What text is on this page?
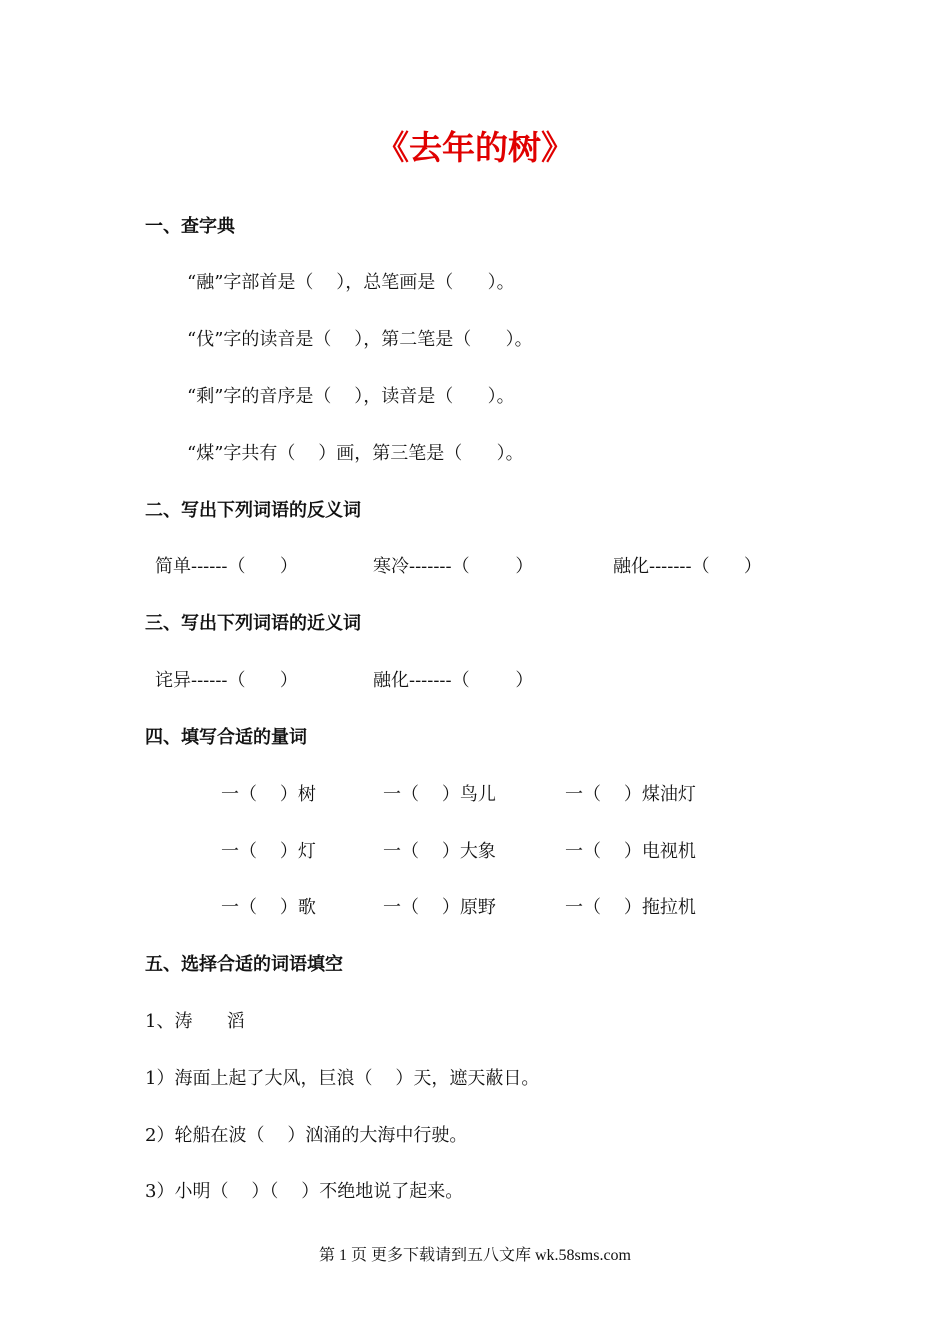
《去年的树》
一、查字典
“融”字部首是（    ），总笔画是（      ）。
“伐”字的读音是（    ），第二笔是（      ）。
“剩”字的音序是（    ），读音是（      ）。
“煤”字共有（    ）画，第三笔是（      ）。
二、写出下列词语的反义词
简单------（      ）	寒冷-------（        ）	融化-------（      ）
三、写出下列词语的近义词
诧异------（      ）	融化-------（        ）
四、填写合适的量词
一（    ）树	一（    ）鸟儿	一（    ）煤油灯
一（    ）灯	一（    ）大象	一（    ）电视机
一（    ）歌	一（    ）原野	一（    ）拖拉机
五、选择合适的词语填空
1、涛      滔
1）海面上起了大风，巨浪（    ）天，遮天蔽日。
2）轮船在波（    ）汹涌的大海中行驶。
3）小明（    ）（    ）不绝地说了起来。
第 1 页 更多下载请到五八文库 wk.58sms.com
